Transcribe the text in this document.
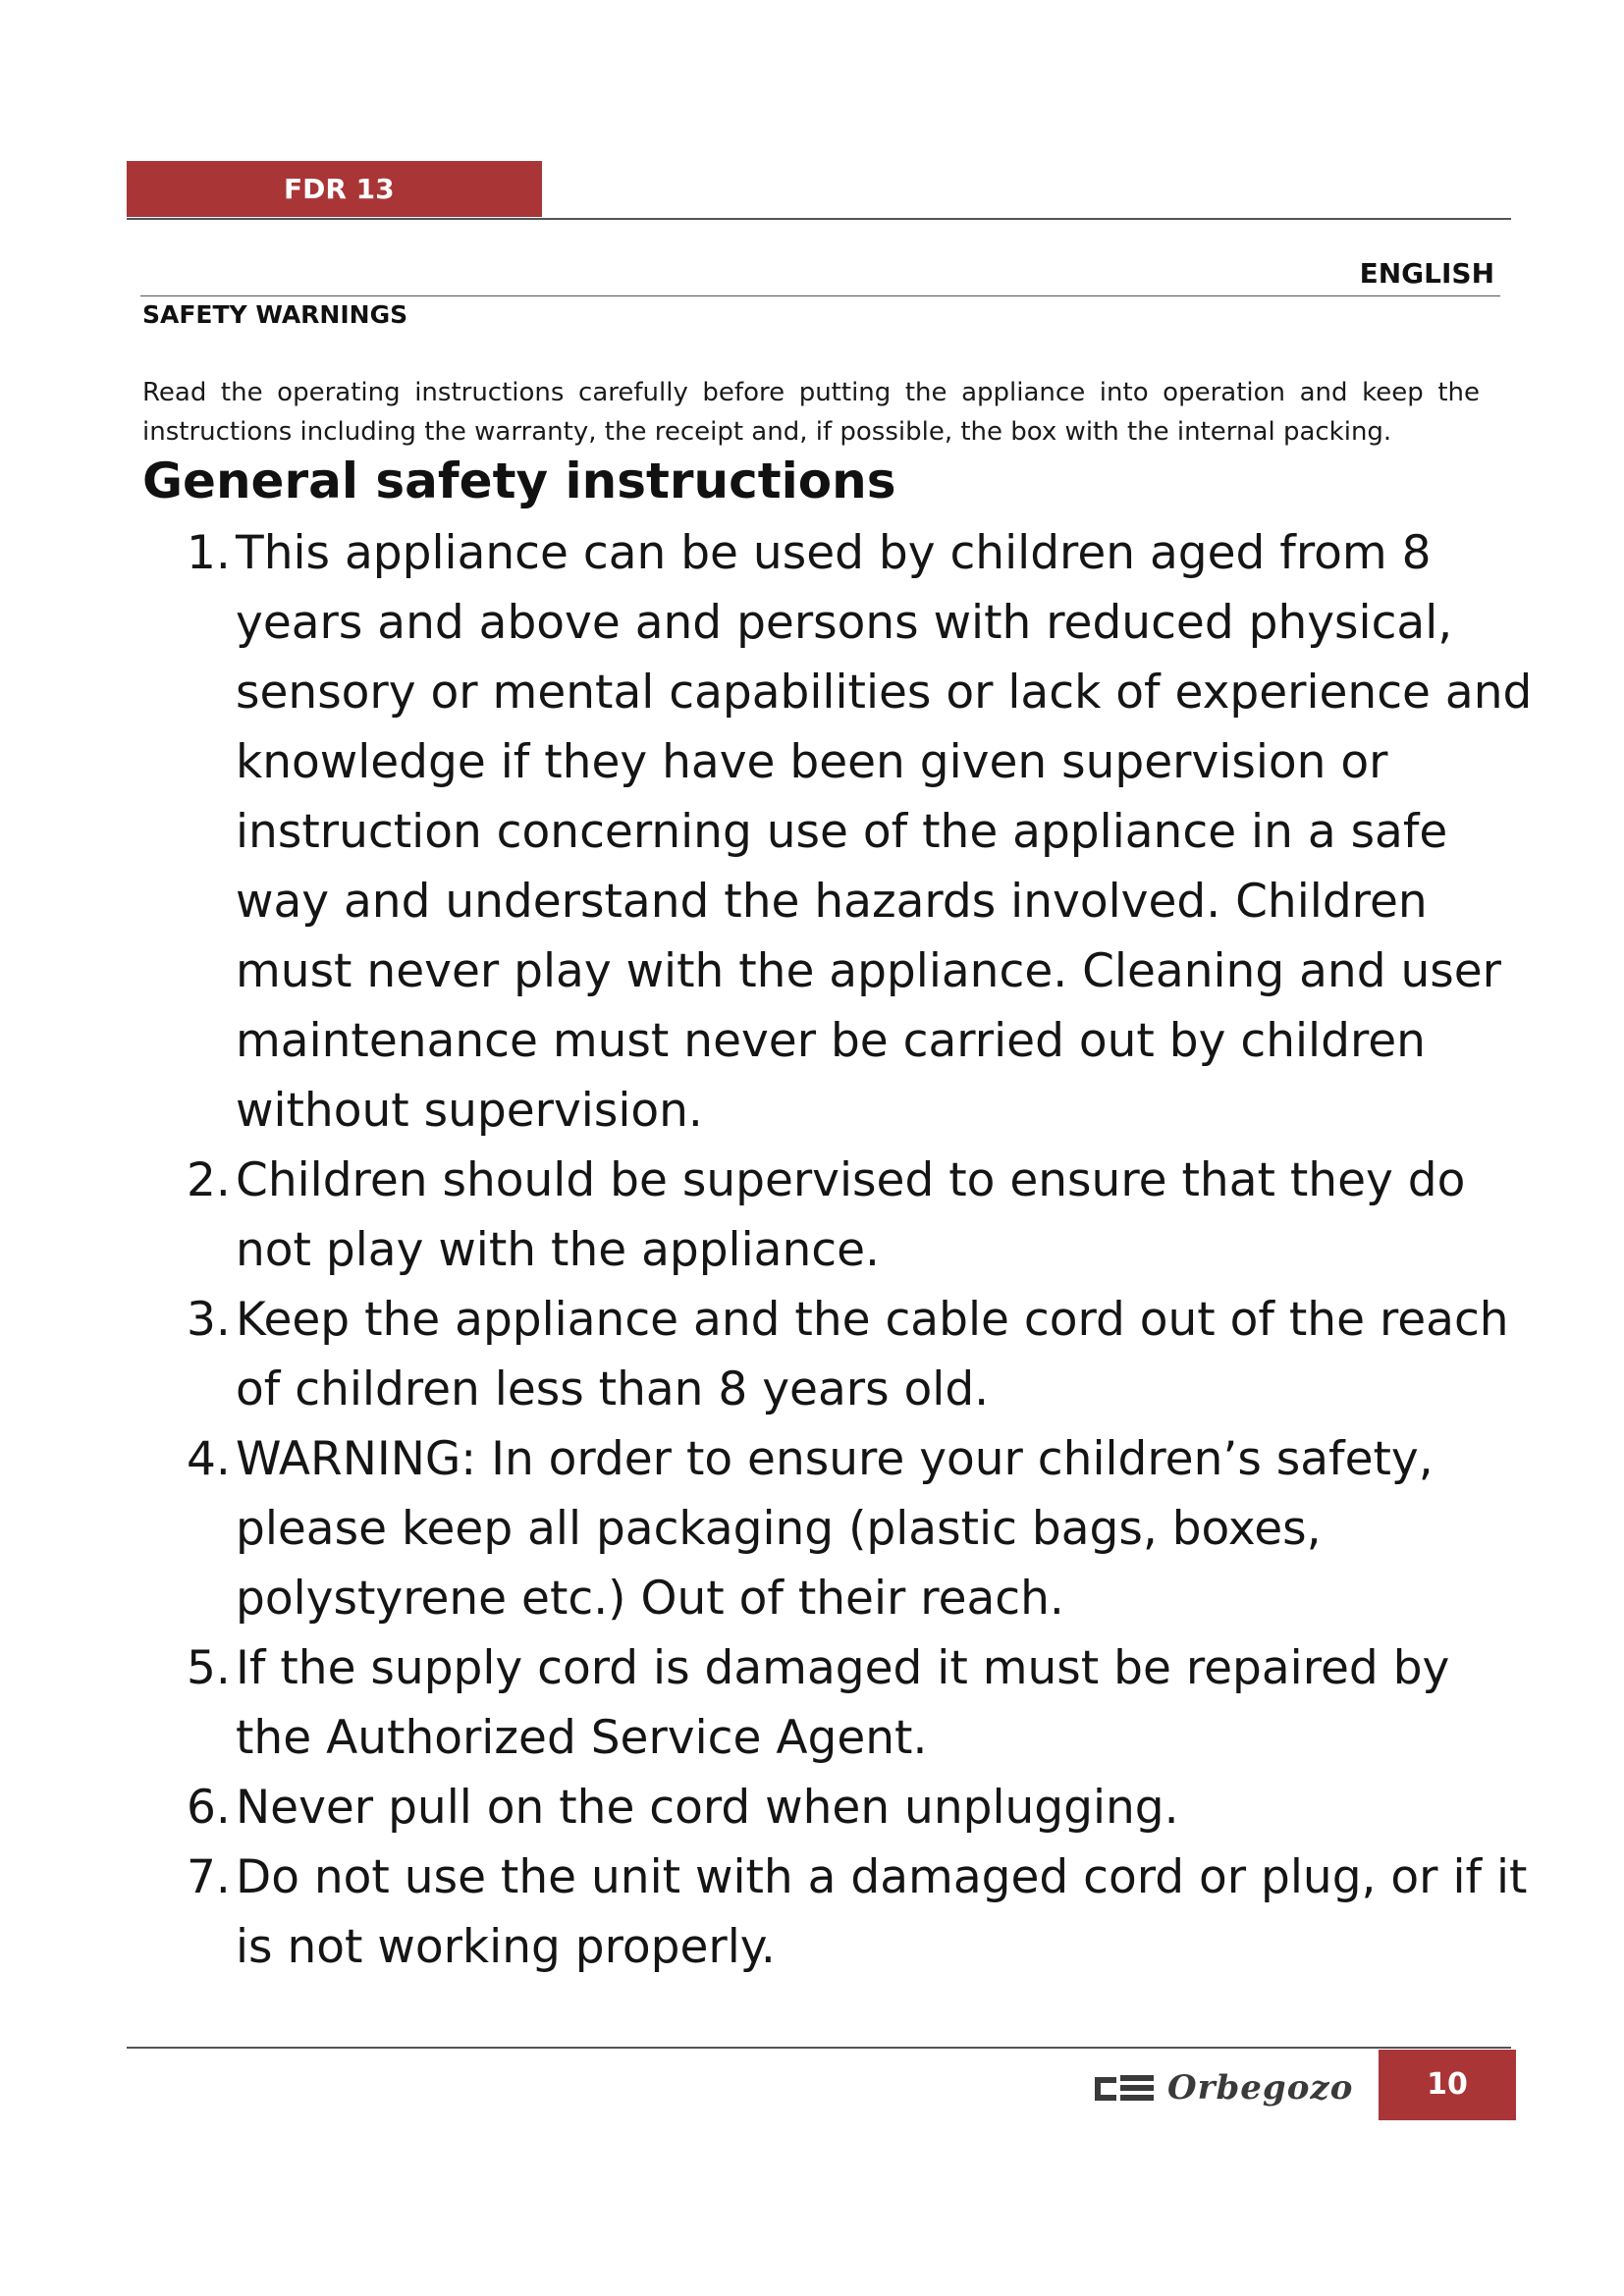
FDR 13
ENGLISH
SAFETY WARNINGS

Read the operating instructions carefully before putting the appliance into operation and keep the instructions including the warranty, the receipt and, if possible, the box with the internal packing.

General safety instructions
1. This appliance can be used by children aged from 8 years and above and persons with reduced physical, sensory or mental capabilities or lack of experience and knowledge if they have been given supervision or instruction concerning use of the appliance in a safe way and understand the hazards involved. Children must never play with the appliance. Cleaning and user maintenance must never be carried out by children without supervision.
2. Children should be supervised to ensure that they do not play with the appliance.
3. Keep the appliance and the cable cord out of the reach of children less than 8 years old.
4. WARNING: In order to ensure your children’s safety, please keep all packaging (plastic bags, boxes, polystyrene etc.) Out of their reach.
5. If the supply cord is damaged it must be repaired by the Authorized Service Agent.
6. Never pull on the cord when unplugging.
7. Do not use the unit with a damaged cord or plug, or if it is not working properly.
Orbegozo	10
